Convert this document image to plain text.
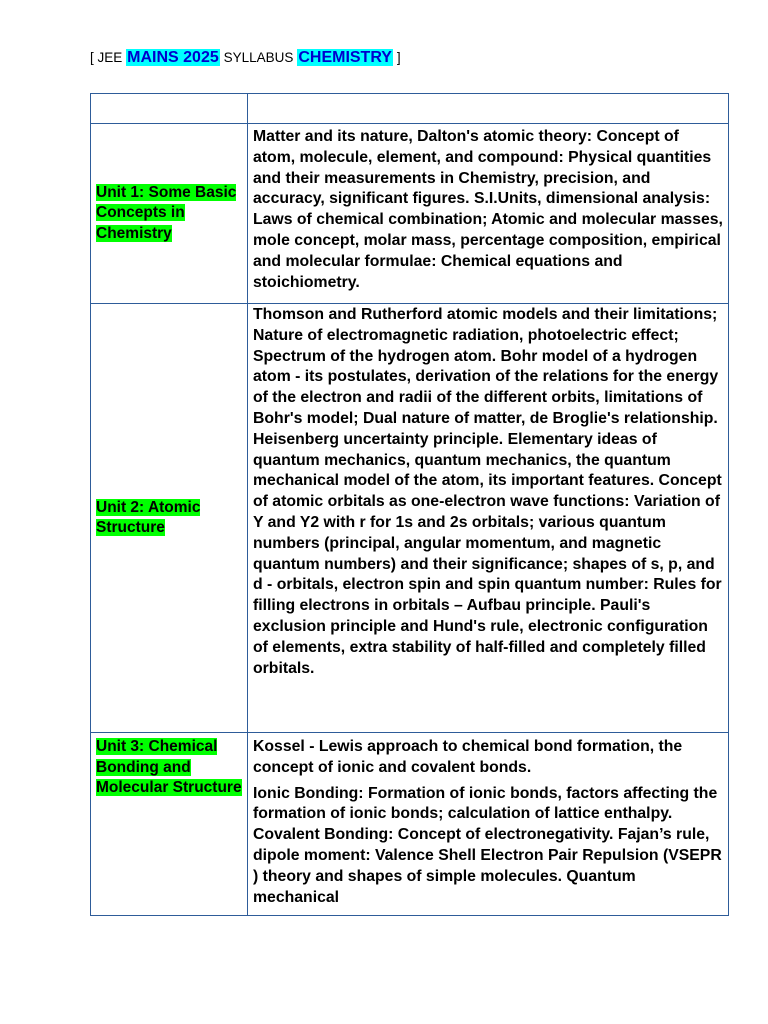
[ JEE MAINS 2025 SYLLABUS CHEMISTRY ]

Unit 1: Some Basic Concepts in Chemistry	Matter and its nature, Dalton's atomic theory: Concept of atom, molecule, element, and compound: Physical quantities and their measurements in Chemistry, precision, and accuracy, significant figures. S.I.Units, dimensional analysis: Laws of chemical combination; Atomic and molecular masses, mole concept, molar mass, percentage composition, empirical and molecular formulae: Chemical equations and stoichiometry.

Unit 2: Atomic Structure	Thomson and Rutherford atomic models and their limitations; Nature of electromagnetic radiation, photoelectric effect; Spectrum of the hydrogen atom. Bohr model of a hydrogen atom - its postulates, derivation of the relations for the energy of the electron and radii of the different orbits, limitations of Bohr's model; Dual nature of matter, de Broglie's relationship. Heisenberg uncertainty principle. Elementary ideas of quantum mechanics, quantum mechanics, the quantum mechanical model of the atom, its important features. Concept of atomic orbitals as one-electron wave functions: Variation of Y and Y2 with r for 1s and 2s orbitals; various quantum numbers (principal, angular momentum, and magnetic quantum numbers) and their significance; shapes of s, p, and d - orbitals, electron spin and spin quantum number: Rules for filling electrons in orbitals – Aufbau principle. Pauli's exclusion principle and Hund's rule, electronic configuration of elements, extra stability of half-filled and completely filled orbitals.

Unit 3: Chemical Bonding and Molecular Structure	Kossel - Lewis approach to chemical bond formation, the concept of ionic and covalent bonds.

Ionic Bonding: Formation of ionic bonds, factors affecting the formation of ionic bonds; calculation of lattice enthalpy. Covalent Bonding: Concept of electronegativity. Fajan’s rule, dipole moment: Valence Shell Electron Pair Repulsion (VSEPR ) theory and shapes of simple molecules. Quantum mechanical
